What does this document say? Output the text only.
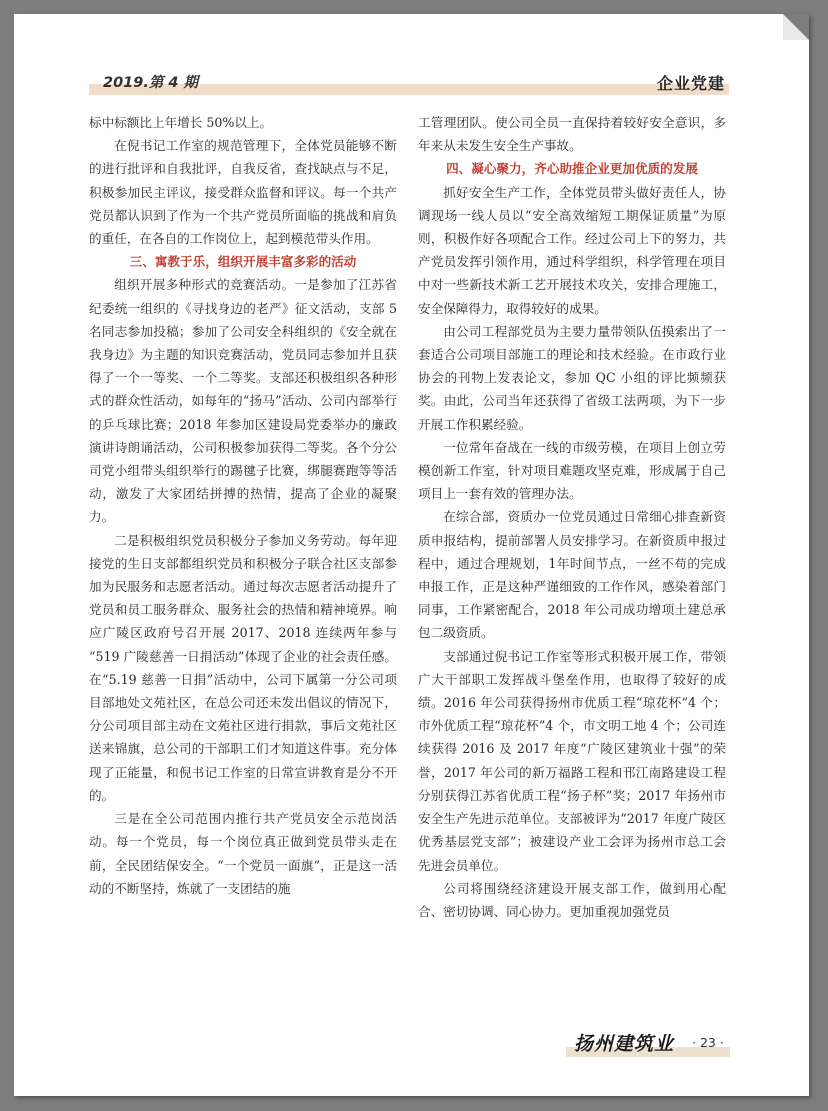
2019.第 4 期	企业党建

标中标额比上年增长 50%以上。

在倪书记工作室的规范管理下，全体党员能够不断的进行批评和自我批评，自我反省，查找缺点与不足，积极参加民主评议，接受群众监督和评议。每一个共产党员都认识到了作为一个共产党员所面临的挑战和肩负的重任，在各自的工作岗位上，起到模范带头作用。

三、寓教于乐，组织开展丰富多彩的活动

组织开展多种形式的竞赛活动。一是参加了江苏省纪委统一组织的《寻找身边的老严》征文活动，支部 5 名同志参加投稿；参加了公司安全科组织的《安全就在我身边》为主题的知识竞赛活动，党员同志参加并且获得了一个一等奖、一个二等奖。支部还积极组织各种形式的群众性活动，如每年的“扬马”活动、公司内部举行的乒乓球比赛；2018 年参加区建设局党委举办的廉政演讲诗朗诵活动，公司积极参加获得二等奖。各个分公司党小组带头组织举行的踢毽子比赛，绑腿赛跑等等活动，激发了大家团结拼搏的热情，提高了企业的凝聚力。

二是积极组织党员积极分子参加义务劳动。每年迎接党的生日支部都组织党员和积极分子联合社区支部参加为民服务和志愿者活动。通过每次志愿者活动提升了党员和员工服务群众、服务社会的热情和精神境界。响应广陵区政府号召开展 2017、2018 连续两年参与 “519 广陵慈善一日捐活动”体现了企业的社会责任感。在“5.19 慈善一日捐”活动中，公司下属第一分公司项目部地处文苑社区，在总公司还未发出倡议的情况下，分公司项目部主动在文苑社区进行捐款，事后文苑社区送来锦旗，总公司的干部职工们才知道这件事。充分体现了正能量，和倪书记工作室的日常宣讲教育是分不开的。

三是在全公司范围内推行共产党员安全示范岗活动。每一个党员，每一个岗位真正做到党员带头走在前，全民团结保安全。“一个党员一面旗”，正是这一活动的不断坚持，炼就了一支团结的施

工管理团队。使公司全员一直保持着较好安全意识，多年来从未发生安全生产事故。

四、凝心聚力，齐心助推企业更加优质的发展

抓好安全生产工作，全体党员带头做好责任人，协调现场一线人员以“安全高效缩短工期保证质量”为原则，积极作好各项配合工作。经过公司上下的努力，共产党员发挥引领作用，通过科学组织，科学管理在项目中对一些新技术新工艺开展技术攻关，安排合理施工，安全保障得力，取得较好的成果。

由公司工程部党员为主要力量带领队伍摸索出了一套适合公司项目部施工的理论和技术经验。在市政行业协会的刊物上发表论文，参加 QC 小组的评比频频获奖。由此，公司当年还获得了省级工法两项，为下一步开展工作积累经验。

一位常年奋战在一线的市级劳模，在项目上创立劳模创新工作室，针对项目难题攻坚克难，形成属于自己项目上一套有效的管理办法。

在综合部，资质办一位党员通过日常细心排查新资质申报结构，提前部署人员安排学习。在新资质申报过程中，通过合理规划，1年时间节点，一丝不苟的完成申报工作，正是这种严谨细致的工作作风，感染着部门同事，工作紧密配合，2018 年公司成功增项土建总承包二级资质。

支部通过倪书记工作室等形式积极开展工作，带领广大干部职工发挥战斗堡垒作用，也取得了较好的成绩。2016 年公司获得扬州市优质工程“琼花杯”4 个；市外优质工程“琼花杯”4 个，市文明工地 4 个；公司连续获得 2016 及 2017 年度“广陵区建筑业十强”的荣誉，2017 年公司的新万福路工程和邗江南路建设工程分别获得江苏省优质工程“扬子杯”奖；2017 年扬州市安全生产先进示范单位。支部被评为“2017 年度广陵区优秀基层党支部”；被建设产业工会评为扬州市总工会先进会员单位。

公司将围绕经济建设开展支部工作，做到用心配合、密切协调、同心协力。更加重视加强党员

扬州建筑业 · 23 ·
